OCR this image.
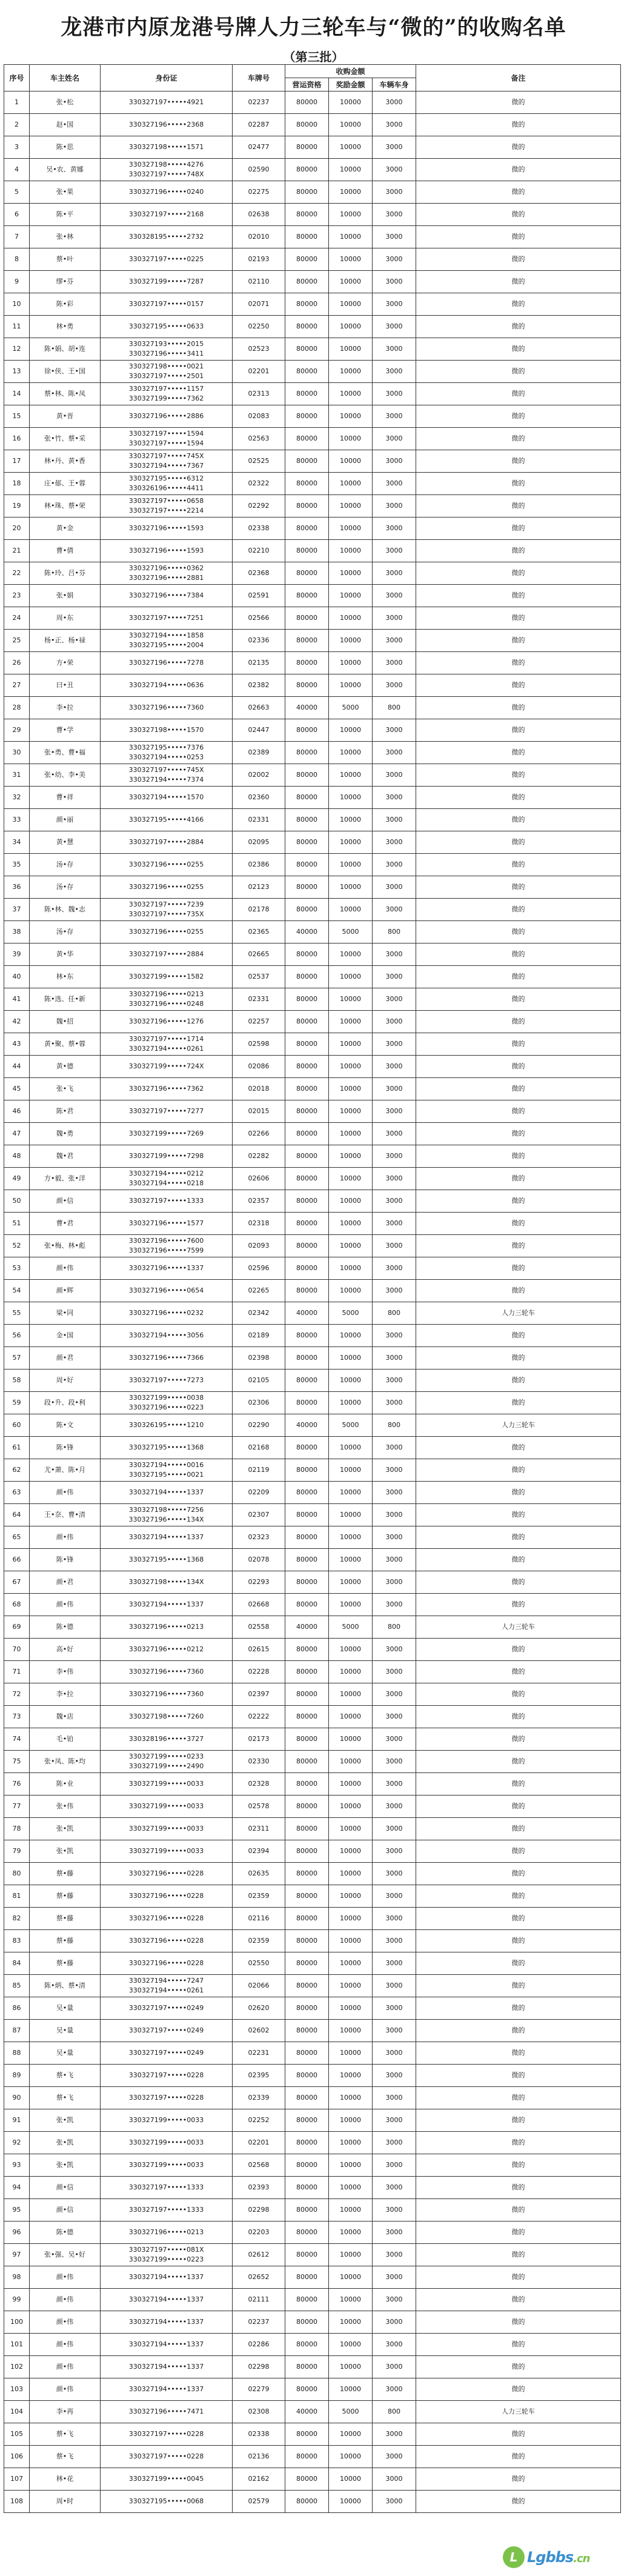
龙港市内原龙港号牌人力三轮车与“微的”的收购名单
（第三批）
序号	车主姓名	身份证	车牌号	收购金额			备注
				营运资格	奖励金额	车辆车身	
1	张•松	330327197•••••4921	02237	80000	10000	3000	微的
2	赵•国	330327196•••••2368	02287	80000	10000	3000	微的
3	陈•思	330327198•••••1571	02477	80000	10000	3000	微的
4	吴•农、黄娜	330327198•••••4276
330327197•••••748X	02590	80000	10000	3000	微的
5	张•果	330327196•••••0240	02275	80000	10000	3000	微的
6	陈•平	330327197•••••2168	02638	80000	10000	3000	微的
7	张•林	330328195•••••2732	02010	80000	10000	3000	微的
8	蔡•叶	330327197•••••0225	02193	80000	10000	3000	微的
9	缪•芬	330327199•••••7287	02110	80000	10000	3000	微的
10	陈•彩	330327197•••••0157	02071	80000	10000	3000	微的
11	林•勇	330327195•••••0633	02250	80000	10000	3000	微的
12	陈•娟、胡•连	330327193•••••2015
330327196•••••3411	02523	80000	10000	3000	微的
13	徐•侠、王•国	330327198•••••0021
330327197•••••2501	02201	80000	10000	3000	微的
14	蔡•林、陈•凤	330327197•••••1157
330327199•••••7362	02313	80000	10000	3000	微的
15	黄•晋	330327196•••••2886	02083	80000	10000	3000	微的
16	张•竹、蔡•采	330327197•••••1594
330327197•••••1594	02563	80000	10000	3000	微的
17	林•丹、黄•香	330327197•••••745X
330327194•••••7367	02525	80000	10000	3000	微的
18	庄•郁、王•蓉	330327195•••••6312
330326196•••••4411	02322	80000	10000	3000	微的
19	林•珠、蔡•荣	330327197•••••0658
330327197•••••2214	02292	80000	10000	3000	微的
20	黄•金	330327196•••••1593	02338	80000	10000	3000	微的
21	曹•倩	330327196•••••1593	02210	80000	10000	3000	微的
22	陈•玲、吕•芬	330327196•••••0362
330327196•••••2881	02368	80000	10000	3000	微的
23	张•娟	330327196•••••7384	02591	80000	10000	3000	微的
24	周•东	330327197•••••7251	02566	80000	10000	3000	微的
25	杨•正、杨•禄	330327194•••••1858
330327195•••••2004	02336	80000	10000	3000	微的
26	方•荣	330327196•••••7278	02135	80000	10000	3000	微的
27	曰•丑	330327194•••••0636	02382	80000	10000	3000	微的
28	李•拉	330327196•••••7360	02663	40000	5000	800	微的
29	曹•学	330327198•••••1570	02447	80000	10000	3000	微的
30	张•勇、曹•福	330327195•••••7376
330327194•••••0253	02389	80000	10000	3000	微的
31	张•幼、李•美	330327197•••••745X
330327194•••••7374	02002	80000	10000	3000	微的
32	曹•祥	330327194•••••1570	02360	80000	10000	3000	微的
33	颜•丽	330327195•••••4166	02331	80000	10000	3000	微的
34	黄•慧	330327197•••••2884	02095	80000	10000	3000	微的
35	汤•存	330327196•••••0255	02386	80000	10000	3000	微的
36	汤•存	330327196•••••0255	02123	80000	10000	3000	微的
37	陈•林、魏•志	330327197•••••7239
330327197•••••735X	02178	80000	10000	3000	微的
38	汤•存	330327196•••••0255	02365	40000	5000	800	微的
39	黄•华	330327197•••••2884	02665	80000	10000	3000	微的
40	林•东	330327199•••••1582	02537	80000	10000	3000	微的
41	陈•选、任•新	330327196•••••0213
330327196•••••0248	02331	80000	10000	3000	微的
42	魏•招	330327196•••••1276	02257	80000	10000	3000	微的
43	黄•聚、蔡•蓉	330327197•••••1714
330327194•••••0261	02598	80000	10000	3000	微的
44	黄•德	330327199•••••724X	02086	80000	10000	3000	微的
45	张•飞	330327196•••••7362	02018	80000	10000	3000	微的
46	陈•君	330327197•••••7277	02015	80000	10000	3000	微的
47	魏•勇	330327199•••••7269	02266	80000	10000	3000	微的
48	魏•君	330327199•••••7298	02282	80000	10000	3000	微的
49	方•毅、张•洋	330327194•••••0212
330327194•••••0218	02606	80000	10000	3000	微的
50	颜•信	330327197•••••1333	02357	80000	10000	3000	微的
51	曹•君	330327196•••••1577	02318	80000	10000	3000	微的
52	张•梅、林•彪	330327196•••••7600
330327196•••••7599	02093	80000	10000	3000	微的
53	颜•伟	330327196•••••1337	02596	80000	10000	3000	微的
54	颜•辉	330327196•••••0654	02265	80000	10000	3000	微的
55	梁•同	330327196•••••0232	02342	40000	5000	800	人力三轮车
56	金•国	330327194•••••3056	02189	80000	10000	3000	微的
57	颜•君	330327196•••••7366	02398	80000	10000	3000	微的
58	周•好	330327197•••••7273	02105	80000	10000	3000	微的
59	段•升、段•利	330327199•••••0038
330327196•••••0223	02306	80000	10000	3000	微的
60	陈•文	330326195•••••1210	02290	40000	5000	800	人力三轮车
61	陈•锋	330327195•••••1368	02168	80000	10000	3000	微的
62	尤•萧、陈•月	330327194•••••0016
330327195•••••0021	02119	80000	10000	3000	微的
63	颜•伟	330327194•••••1337	02209	80000	10000	3000	微的
64	王•奈、曹•清	330327198•••••7256
330327196•••••134X	02307	80000	10000	3000	微的
65	颜•伟	330327194•••••1337	02323	80000	10000	3000	微的
66	陈•锋	330327195•••••1368	02078	80000	10000	3000	微的
67	颜•君	330327198•••••134X	02293	80000	10000	3000	微的
68	颜•伟	330327194•••••1337	02668	80000	10000	3000	微的
69	陈•德	330327196•••••0213	02558	40000	5000	800	人力三轮车
70	高•好	330327196•••••0212	02615	80000	10000	3000	微的
71	李•伟	330327196•••••7360	02228	80000	10000	3000	微的
72	李•拉	330327196•••••7360	02397	80000	10000	3000	微的
73	魏•店	330327198•••••7260	02222	80000	10000	3000	微的
74	毛•铂	330328196•••••3727	02173	80000	10000	3000	微的
75	张•凤、陈•均	330327199•••••0233
330327199•••••2490	02330	80000	10000	3000	微的
76	陈•业	330327199•••••0033	02328	80000	10000	3000	微的
77	张•伟	330327199•••••0033	02578	80000	10000	3000	微的
78	张•凯	330327199•••••0033	02311	80000	10000	3000	微的
79	张•凯	330327199•••••0033	02394	80000	10000	3000	微的
80	蔡•藤	330327196•••••0228	02635	80000	10000	3000	微的
81	蔡•藤	330327196•••••0228	02359	80000	10000	3000	微的
82	蔡•藤	330327196•••••0228	02116	80000	10000	3000	微的
83	蔡•藤	330327196•••••0228	02359	80000	10000	3000	微的
84	蔡•藤	330327196•••••0228	02550	80000	10000	3000	微的
85	陈•炳、蔡•清	330327194•••••7247
330327194•••••0261	02066	80000	10000	3000	微的
86	吴•量	330327197•••••0249	02620	80000	10000	3000	微的
87	吴•量	330327197•••••0249	02602	80000	10000	3000	微的
88	吴•量	330327197•••••0249	02231	80000	10000	3000	微的
89	蔡•飞	330327197•••••0228	02395	80000	10000	3000	微的
90	蔡•飞	330327197•••••0228	02339	80000	10000	3000	微的
91	张•凯	330327199•••••0033	02252	80000	10000	3000	微的
92	张•凯	330327199•••••0033	02201	80000	10000	3000	微的
93	张•凯	330327199•••••0033	02568	80000	10000	3000	微的
94	颜•信	330327197•••••1333	02393	80000	10000	3000	微的
95	颜•信	330327197•••••1333	02298	80000	10000	3000	微的
96	陈•德	330327196•••••0213	02203	80000	10000	3000	微的
97	张•强、吴•好	330327197•••••081X
330327199•••••0223	02612	80000	10000	3000	微的
98	颜•伟	330327194•••••1337	02652	80000	10000	3000	微的
99	颜•伟	330327194•••••1337	02111	80000	10000	3000	微的
100	颜•伟	330327194•••••1337	02237	80000	10000	3000	微的
101	颜•伟	330327194•••••1337	02286	80000	10000	3000	微的
102	颜•伟	330327194•••••1337	02298	80000	10000	3000	微的
103	颜•伟	330327194•••••1337	02279	80000	10000	3000	微的
104	李•再	330327196•••••7471	02308	40000	5000	800	人力三轮车
105	蔡•飞	330327197•••••0228	02338	80000	10000	3000	微的
106	蔡•飞	330327197•••••0228	02136	80000	10000	3000	微的
107	林•花	330327199•••••0045	02162	80000	10000	3000	微的
108	周•时	330327195•••••0068	02579	80000	10000	3000	微的
L Lgbbs.cn
